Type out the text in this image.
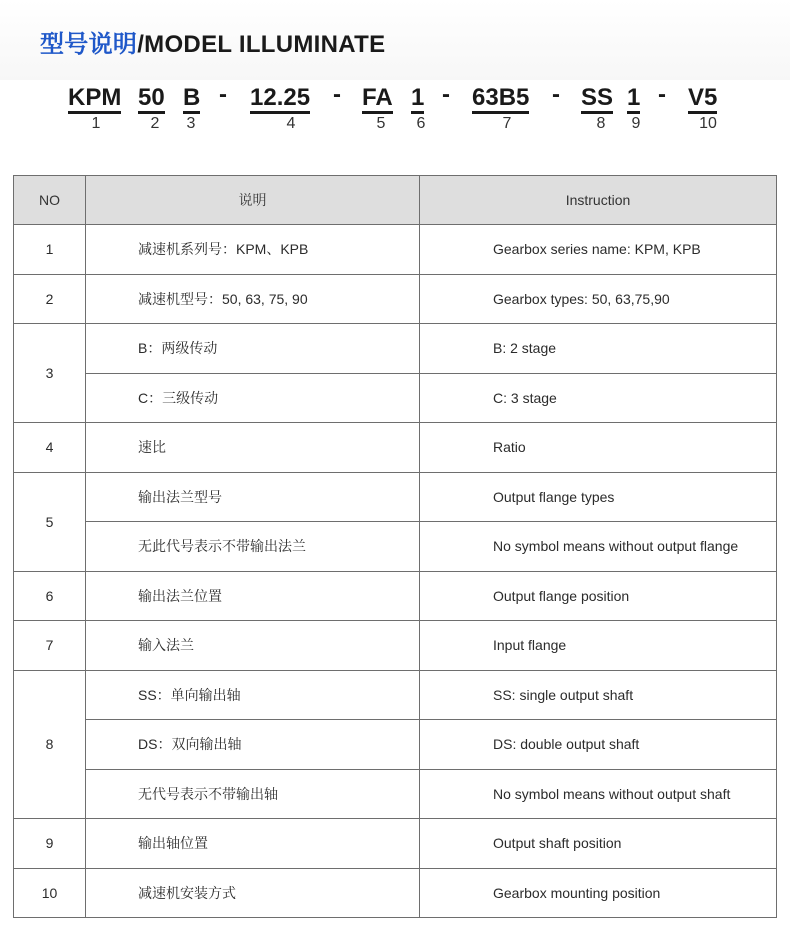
型号说明/MODEL ILLUMINATE
KPM 50 B - 12.25 - FA 1 - 63B5 - SS 1 - V5
1	2	3	4	5	6	7	8	9	10
NO	说明	Instruction
1	减速机系列号：KPM、KPB	Gearbox series name: KPM, KPB
2	减速机型号：50, 63, 75, 90	Gearbox types: 50, 63,75,90
3	B：两级传动	B: 2 stage
	C：三级传动	C: 3 stage
4	速比	Ratio
5	输出法兰型号	Output flange types
	无此代号表示不带输出法兰	No symbol means without output flange
6	输出法兰位置	Output flange position
7	输入法兰	Input flange
8	SS：单向输出轴	SS: single output shaft
	DS：双向输出轴	DS: double output shaft
	无代号表示不带输出轴	No symbol means without output shaft
9	输出轴位置	Output shaft position
10	减速机安装方式	Gearbox mounting position
